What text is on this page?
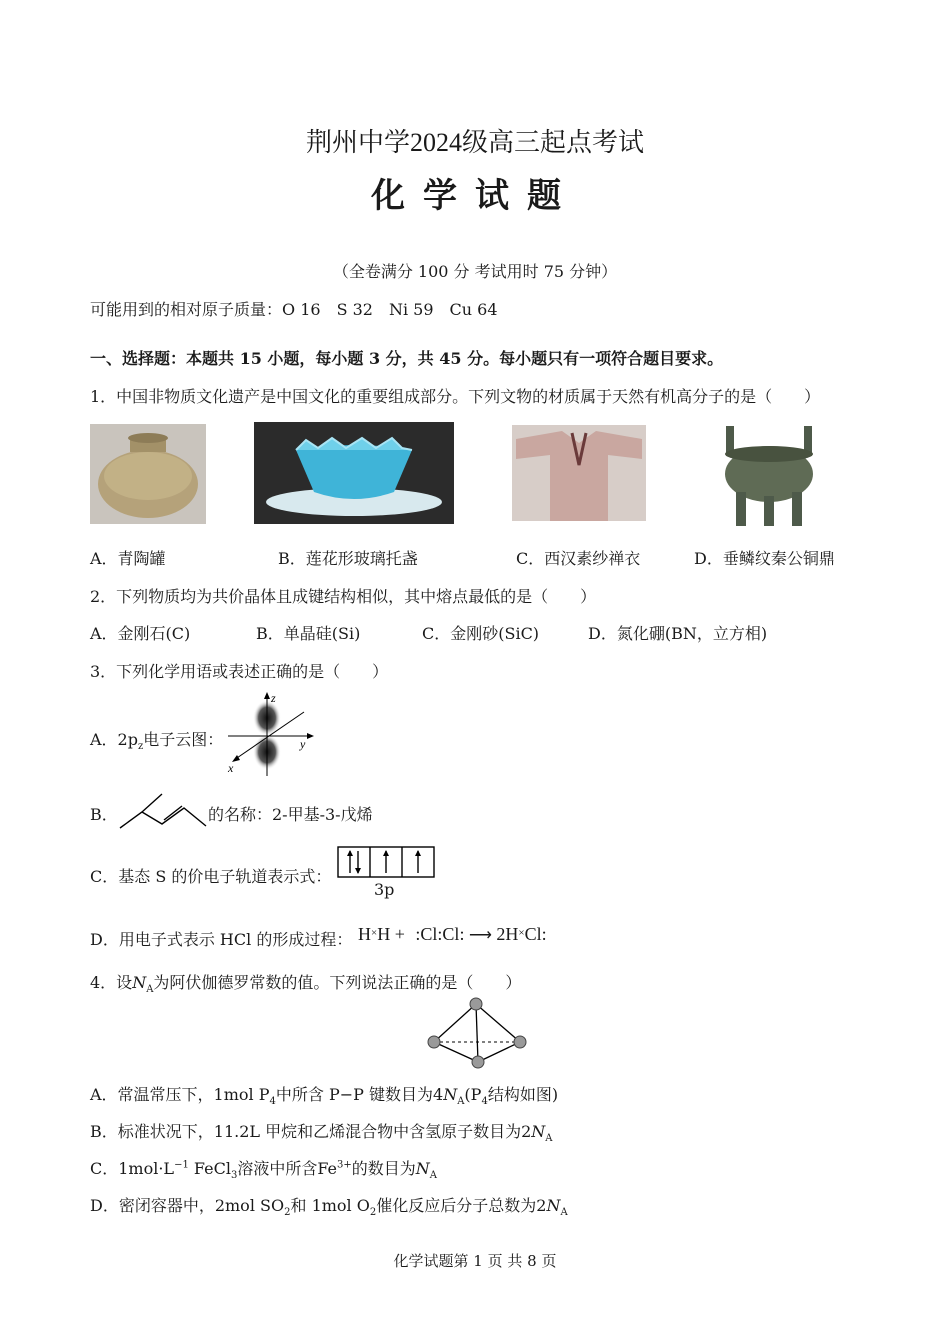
荆州中学2024级高三起点考试
化学试题
（全卷满分 100 分 考试用时 75 分钟）
可能用到的相对原子质量：O 16　S 32　Ni 59　Cu 64
一、选择题：本题共 15 小题，每小题 3 分，共 45 分。每小题只有一项符合题目要求。
1．中国非物质文化遗产是中国文化的重要组成部分。下列文物的材质属于天然有机高分子的是（　　）
A．青陶罐	B．莲花形玻璃托盏	C．西汉素纱禅衣	D．垂鳞纹秦公铜鼎
2．下列物质均为共价晶体且成键结构相似，其中熔点最低的是（　　）
A．金刚石(C)	B．单晶硅(Si)	C．金刚砂(SiC)	D．氮化硼(BN，立方相)
3．下列化学用语或表述正确的是（　　）
A．$2p_z$电子云图：
z
y
x
B．	的名称：2-甲基-3-戊烯
C．基态 S 的价电子轨道表示式：
3p
D．用电子式表示 HCl 的形成过程： H×H + :Cl:Cl: ⟶ 2H×Cl:
4．设$N_A$为阿伏伽德罗常数的值。下列说法正确的是（　　）
A．常温常压下，1mol $P_4$中所含 P−P 键数目为$4N_A(P_4$结构如图)
B．标准状况下，11.2L 甲烷和乙烯混合物中含氢原子数目为$2N_A$
C．$1mol\cdot L^{-1}$ FeCl$_3$溶液中所含$Fe^{3+}$的数目为$N_A$
D．密闭容器中，2mol $SO_2$和 1mol $O_2$催化反应后分子总数为$2N_A$
化学试题第 1 页 共 8 页
